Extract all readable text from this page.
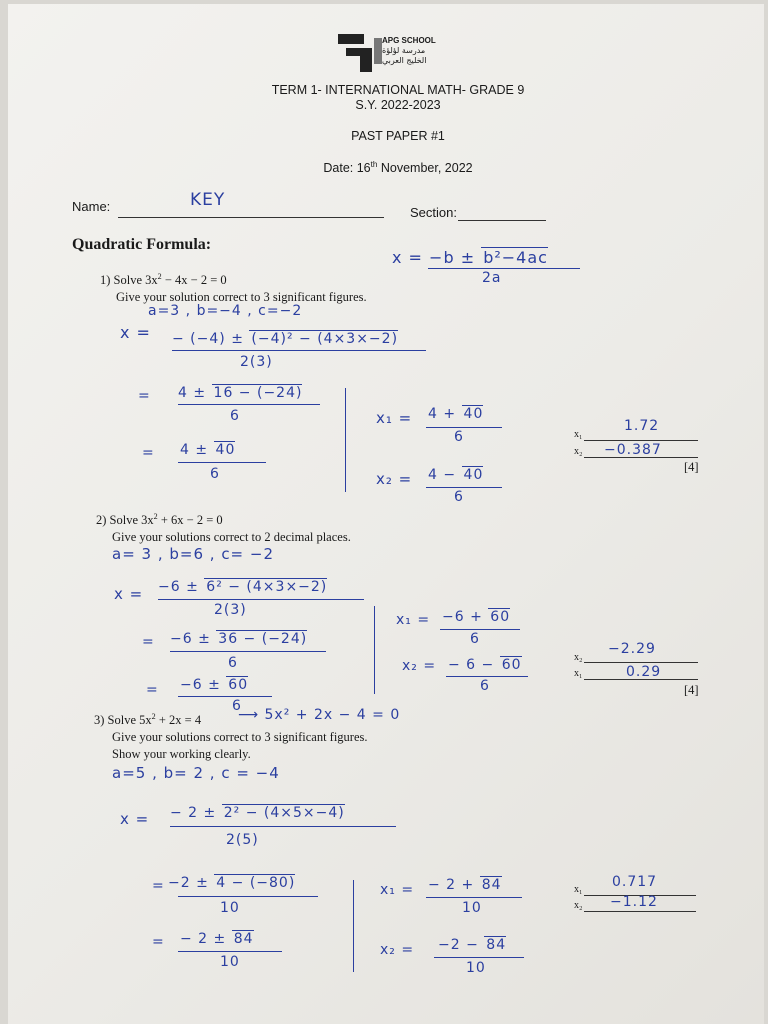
APG SCHOOL
مدرسة لؤلؤة
الخليج العربي
TERM 1- INTERNATIONAL MATH- GRADE 9
S.Y. 2022-2023
PAST PAPER #1
Date: 16th November, 2022
Name:	KEY
Section:
Quadratic Formula:
x = −b ± b²−4ac
2a
1) Solve $3x^2 - 4x - 2 = 0$
Give your solution correct to 3 significant figures.
a=3 , b=−4 , c=−2
x = − (−4) ± (−4)² − (4×3×−2)
2(3)
= 4 ± 16 − (−24)
6
= 4 ± 40
6
x₁ = 4 + 40
6
x₂ = 4 − 40
6
x₁
1.72
x₂ −0.387
[4]
2) Solve $3x^2 + 6x - 2 = 0$
Give your solutions correct to 2 decimal places.
a= 3 , b=6 , c= −2
x = −6 ± 6² − (4×3×−2)
2(3)
= −6 ± 36 − (−24)
6
= −6 ± 60
6
x₁ = −6 + 60
6
x₂ = − 6 − 60
6
x₂
−2.29
x₁	0.29
[4]
3) Solve $5x^2 + 2x = 4$	⟶ 5x² + 2x − 4 = 0
Give your solutions correct to 3 significant figures.
Show your working clearly.
a=5 , b= 2 , c = −4
x = − 2 ± 2² − (4×5×−4)
2(5)
= −2 ± 4 − (−80)
10
= − 2 ± 84
10
x₁ = − 2 + 84
10
x₂ = −2 − 84
10
x₁ 0.717
x₂ −1.12
